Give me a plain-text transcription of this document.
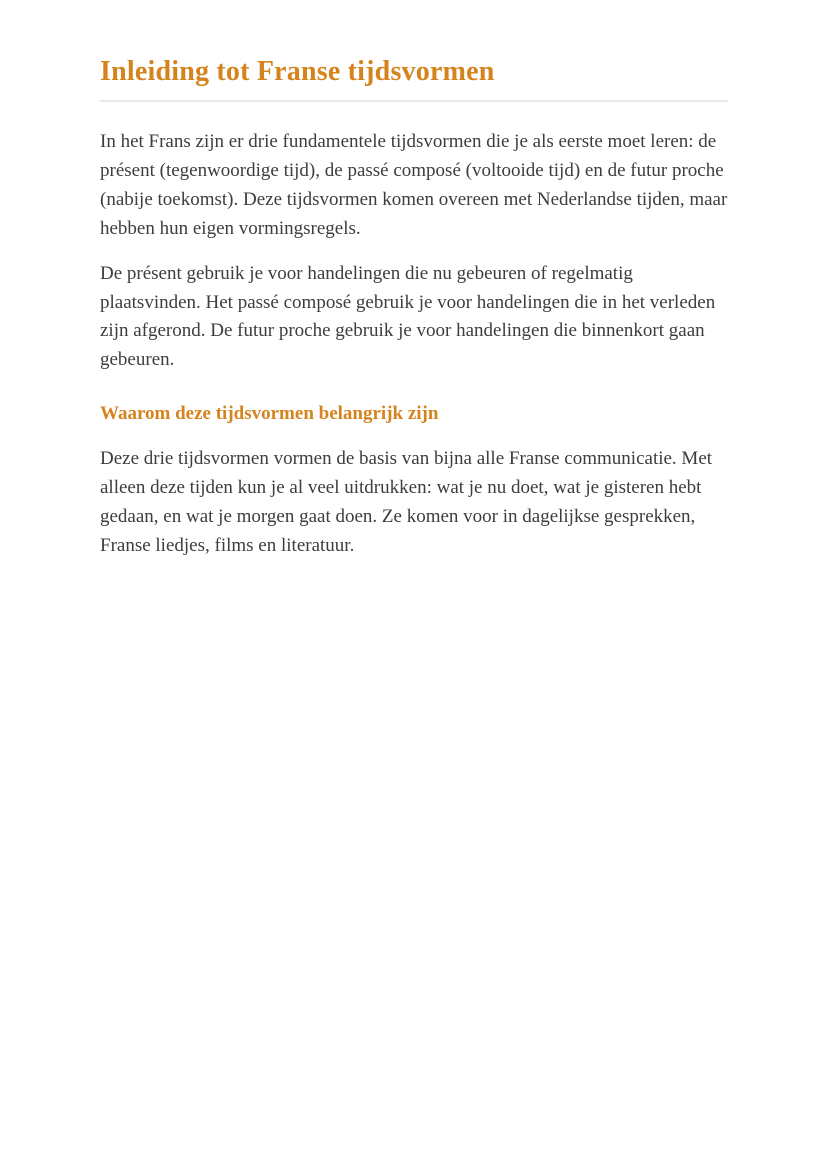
Inleiding tot Franse tijdsvormen

In het Frans zijn er drie fundamentele tijdsvormen die je als eerste moet leren: de présent (tegenwoordige tijd), de passé composé (voltooide tijd) en de futur proche (nabije toekomst). Deze tijdsvormen komen overeen met Nederlandse tijden, maar hebben hun eigen vormingsregels.

De présent gebruik je voor handelingen die nu gebeuren of regelmatig plaatsvinden. Het passé composé gebruik je voor handelingen die in het verleden zijn afgerond. De futur proche gebruik je voor handelingen die binnenkort gaan gebeuren.

Waarom deze tijdsvormen belangrijk zijn

Deze drie tijdsvormen vormen de basis van bijna alle Franse communicatie. Met alleen deze tijden kun je al veel uitdrukken: wat je nu doet, wat je gisteren hebt gedaan, en wat je morgen gaat doen. Ze komen voor in dagelijkse gesprekken, Franse liedjes, films en literatuur.
